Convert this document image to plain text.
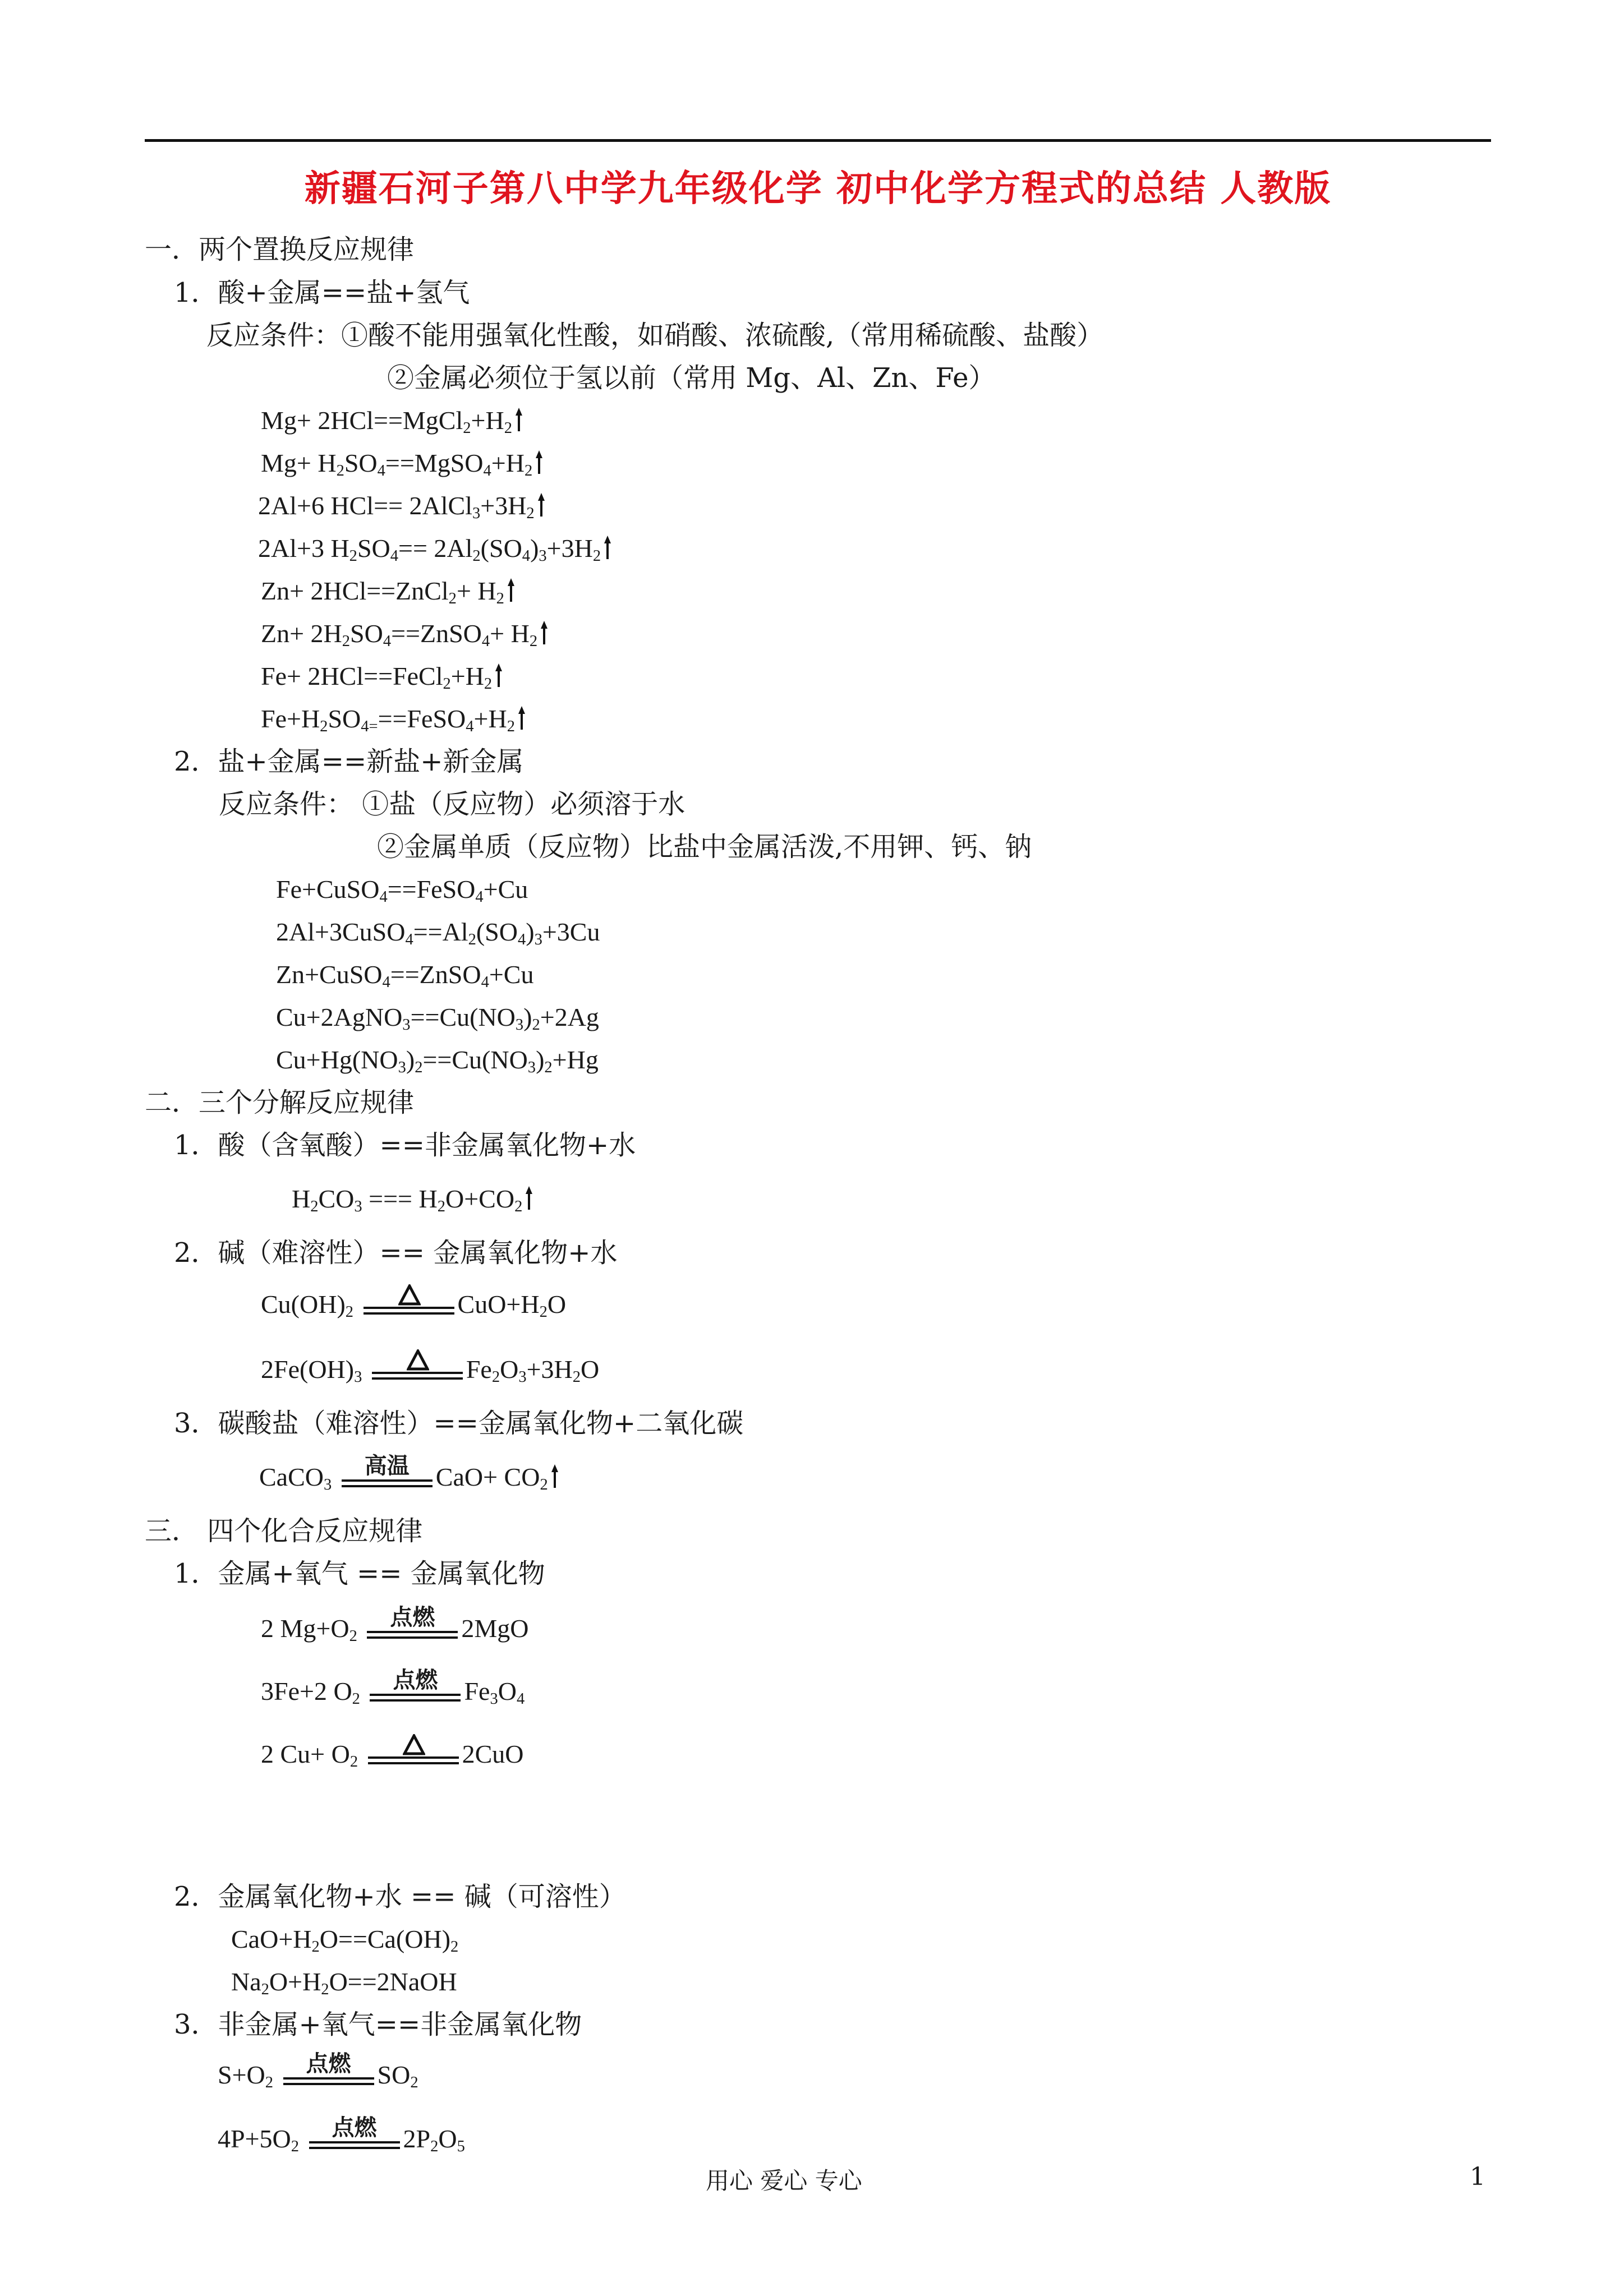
新疆石河子第八中学九年级化学 初中化学方程式的总结 人教版
一．两个置换反应规律
1．酸+金属==盐+氢气
反应条件：①酸不能用强氧化性酸，如硝酸、浓硫酸,（常用稀硫酸、盐酸）
②金属必须位于氢以前（常用 Mg、Al、Zn、Fe）
$Mg+ 2HCl==MgCl_2+H_2$
$Mg+ H_2SO_4==MgSO_4+H_2$
2Al+6 $HCl== 2AlCl_3+3H_2$
2Al+3 $H_2SO_4== 2Al_2(SO_4)_3+3H_2$
Zn+ 2HCl==ZnCl$_2$+ $H_2$
$Zn+ 2H_2SO_4==ZnSO_4+ H_2$
$Fe+ 2HCl==FeCl_2+H_2$
$Fe+H_2SO_{4=}==FeSO_4+H_2$
2．盐+金属==新盐+新金属
反应条件： ①盐（反应物）必须溶于水
②金属单质（反应物）比盐中金属活泼,不用钾、钙、钠
Fe+CuSO$_4$==FeSO$_4$+Cu
$2Al+3CuSO_4==Al_2(SO_4)_3+3Cu$
Zn+CuSO$_4$==ZnSO$_4$+Cu
$Cu+2AgNO_3==Cu(NO_3)_2+2Ag$
$Cu+Hg(NO_3)_2==Cu(NO_3)_2+Hg$
二．三个分解反应规律
1．酸（含氧酸）==非金属氧化物+水
$H_2CO_3$ === $H_2O+CO_2$
2．碱（难溶性）== 金属氧化物+水
$Cu(OH)_2$	$CuO+H_2O$
$2Fe(OH)_3$	$Fe_2O_3+3H_2O$
3．碳酸盐（难溶性）==金属氧化物+二氧化碳
CaCO$_3$
高温	$CaO+ CO_2$
三． 四个化合反应规律
1．金属+氧气 == 金属氧化物
2 $Mg+O_2$
点燃	2MgO
3Fe+2 $O_2$
点燃	$Fe_3O_4$
2 $Cu+ O_2$	2CuO
2．金属氧化物+水 == 碱（可溶性）
$CaO+H_2O==Ca(OH)_2$
$Na_2O+H_2O==2NaOH$
3．非金属+氧气==非金属氧化物
$S+O_2$
点燃	$SO_2$
$4P+5O_2$
点燃	$2P_2O_5$
用心 爱心 专心	1
